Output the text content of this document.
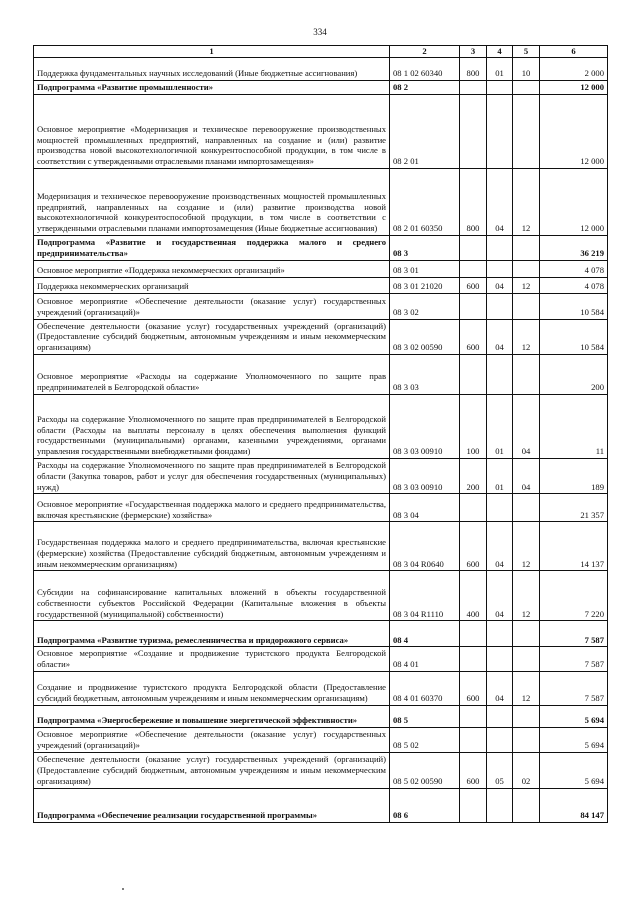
334
1	2	3	4	5	6
Поддержка фундаментальных научных исследований (Иные бюджетные ассигнования)	08 1 02 60340	800	01	10	2 000
Подпрограмма «Развитие промышленности»	08 2				12 000
Основное мероприятие «Модернизация и техническое перевооружение производственных мощностей промышленных предприятий, направленных на создание и (или) развитие производства новой высокотехнологичной конкурентоспособной продукции, в том числе в соответствии с утвержденными отраслевыми планами импортозамещения»	08 2 01				12 000
Модернизация и техническое перевооружение производственных мощностей промышленных предприятий, направленных на создание и (или) развитие производства новой высокотехнологичной конкурентоспособной продукции, в том числе в соответствии с утвержденными отраслевыми планами импортозамещения (Иные бюджетные ассигнования)	08 2 01 60350	800	04	12	12 000
Подпрограмма «Развитие и государственная поддержка малого и среднего предпринимательства»	08 3				36 219
Основное мероприятие «Поддержка некоммерческих организаций»	08 3 01				4 078
Поддержка некоммерческих организаций	08 3 01 21020	600	04	12	4 078
Основное мероприятие «Обеспечение деятельности (оказание услуг) государственных учреждений (организаций)»	08 3 02				10 584
Обеспечение деятельности (оказание услуг) государственных учреждений (организаций) (Предоставление субсидий бюджетным, автономным учреждениям и иным некоммерческим организациям)	08 3 02 00590	600	04	12	10 584
Основное мероприятие «Расходы на содержание Уполномоченного по защите прав предпринимателей в Белгородской области»	08 3 03				200
Расходы на содержание Уполномоченного по защите прав предпринимателей в Белгородской области (Расходы на выплаты персоналу в целях обеспечения выполнения функций государственными (муниципальными) органами, казенными учреждениями, органами управления государственными внебюджетными фондами)	08 3 03 00910	100	01	04	11
Расходы на содержание Уполномоченного по защите прав предпринимателей в Белгородской области (Закупка товаров, работ и услуг для обеспечения государственных (муниципальных) нужд)	08 3 03 00910	200	01	04	189
Основное мероприятие «Государственная поддержка малого и среднего предпринимательства, включая крестьянские (фермерские) хозяйства»	08 3 04				21 357
Государственная поддержка малого и среднего предпринимательства, включая крестьянские (фермерские) хозяйства (Предоставление субсидий бюджетным, автономным учреждениям и иным некоммерческим организациям)	08 3 04 R0640	600	04	12	14 137
Субсидии на софинансирование капитальных вложений в объекты государственной собственности субъектов Российской Федерации (Капитальные вложения в объекты государственной (муниципальной) собственности)	08 3 04 R1110	400	04	12	7 220
Подпрограмма «Развитие туризма, ремесленничества и придорожного сервиса»	08 4				7 587
Основное мероприятие «Создание и продвижение туристского продукта Белгородской области»	08 4 01				7 587
Создание и продвижение туристского продукта Белгородской области (Предоставление субсидий бюджетным, автономным учреждениям и иным некоммерческим организациям)	08 4 01 60370	600	04	12	7 587
Подпрограмма «Энергосбережение и повышение энергетической эффективности»	08 5				5 694
Основное мероприятие «Обеспечение деятельности (оказание услуг) государственных учреждений (организаций)»	08 5 02				5 694
Обеспечение деятельности (оказание услуг) государственных учреждений (организаций) (Предоставление субсидий бюджетным, автономным учреждениям и иным некоммерческим организациям)	08 5 02 00590	600	05	02	5 694
Подпрограмма «Обеспечение реализации государственной программы»	08 6				84 147
